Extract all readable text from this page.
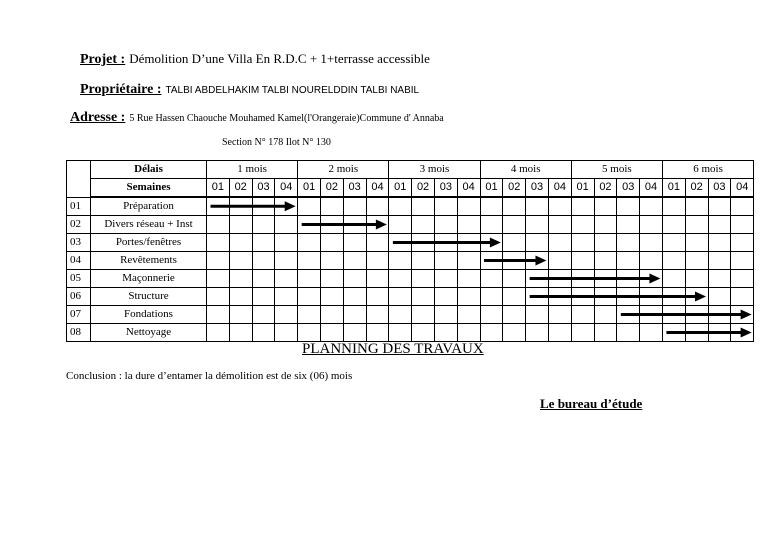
Projet : Démolition D’une Villa En R.D.C + 1+terrasse accessible
Propriétaire : TALBI ABDELHAKIM TALBI NOURELDDIN TALBI NABIL
Adresse : 5 Rue Hassen Chaouche Mouhamed Kamel(l'Orangeraie)Commune d' Annaba
Section N° 178 Ilot N° 130
	Délais	1 mois				2 mois				3 mois				4 mois				5 mois				6 mois			
	Semaines	01	02	03	04	01	02	03	04	01	02	03	04	01	02	03	04	01	02	03	04	01	02	03	04
01	Préparation																								
02	Divers réseau + Inst																								
03	Portes/fenêtres																								
04	Revêtements																								
05	Maçonnerie																								
06	Structure																								
07	Fondations																								
08	Nettoyage																								
PLANNING DES TRAVAUX
Conclusion : la dure d’entamer la démolition est de six (06) mois
Le bureau d’étude
